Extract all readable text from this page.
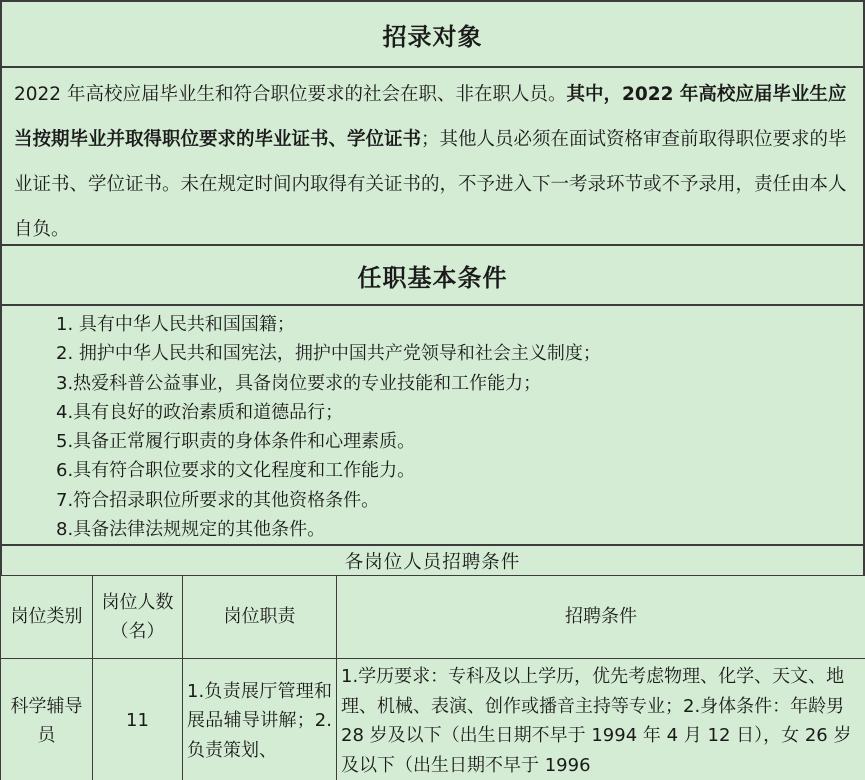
招录对象
2022 年高校应届毕业生和符合职位要求的社会在职、非在职人员。其中，2022 年高校应届毕业生应当按期毕业并取得职位要求的毕业证书、学位证书；其他人员必须在面试资格审查前取得职位要求的毕业证书、学位证书。未在规定时间内取得有关证书的，不予进入下一考录环节或不予录用，责任由本人自负。
任职基本条件
1. 具有中华人民共和国国籍；
2. 拥护中华人民共和国宪法，拥护中国共产党领导和社会主义制度；
3.热爱科普公益事业，具备岗位要求的专业技能和工作能力；
4.具有良好的政治素质和道德品行；
5.具备正常履行职责的身体条件和心理素质。
6.具有符合职位要求的文化程度和工作能力。
7.符合招录职位所要求的其他资格条件。
8.具备法律法规规定的其他条件。
各岗位人员招聘条件
岗位类别	岗位人数（名）	岗位职责	招聘条件
科学辅导员	11	1.负责展厅管理和展品辅导讲解；2.负责策划、	1.学历要求：专科及以上学历，优先考虑物理、化学、天文、地理、机械、表演、创作或播音主持等专业；2.身体条件：年龄男 28 岁及以下（出生日期不早于 1994 年 4 月 12 日），女 26 岁及以下（出生日期不早于 1996
